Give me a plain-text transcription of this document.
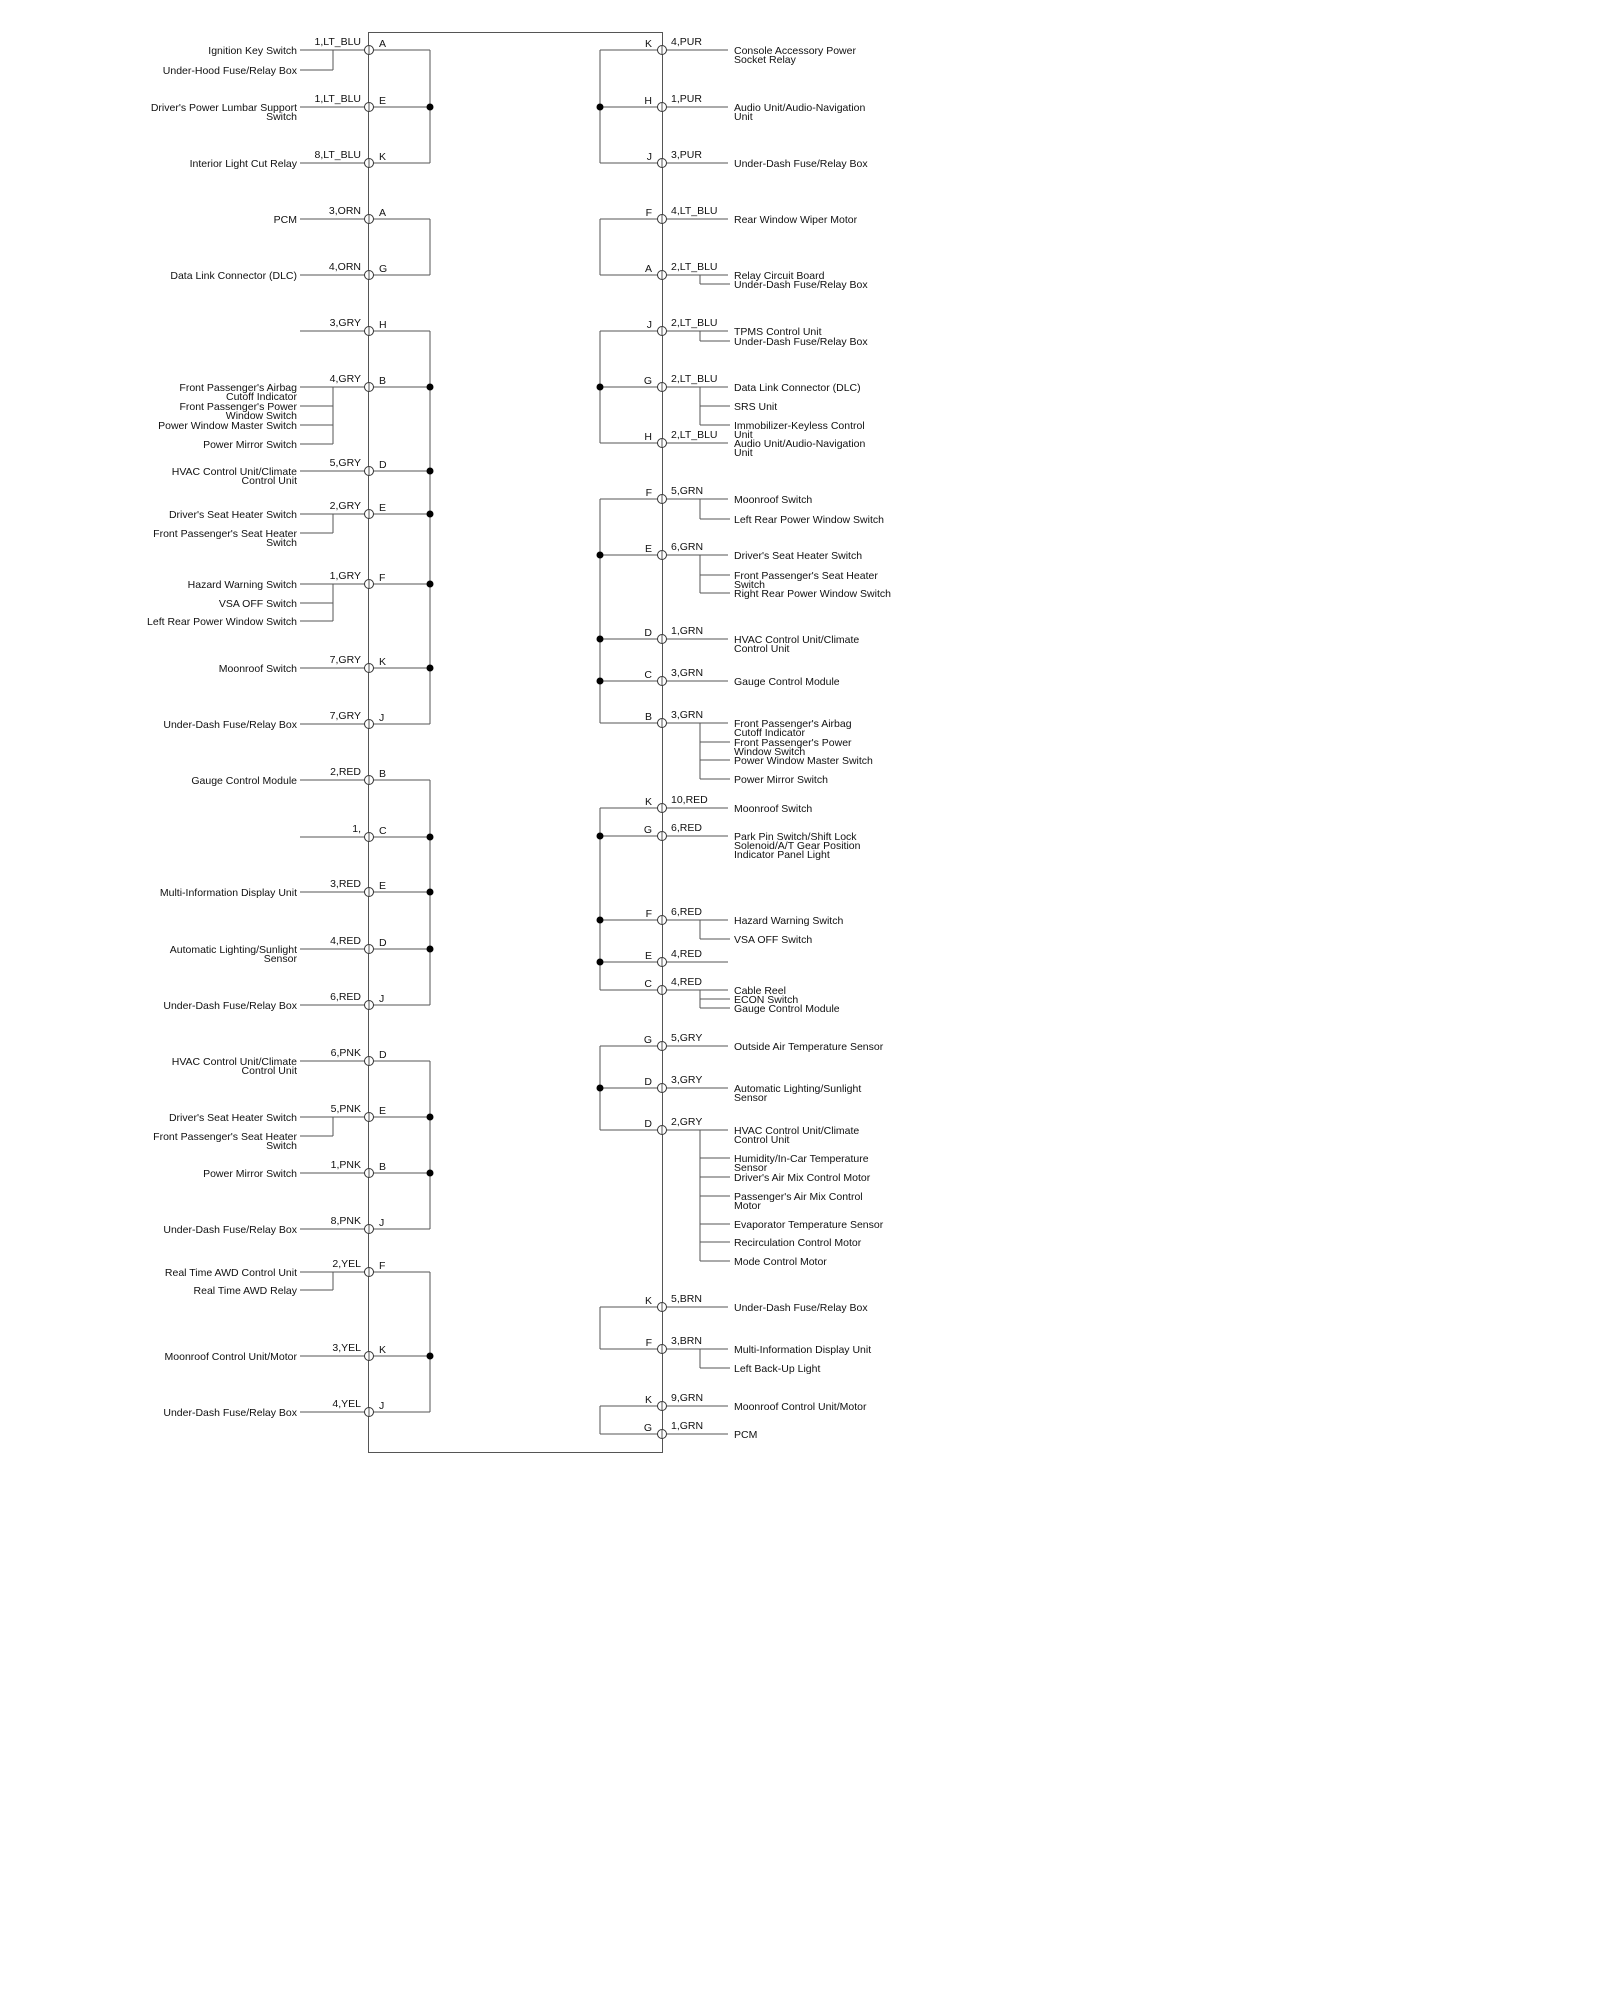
1,LT_BLU A
Ignition Key Switch
Under-Hood Fuse/Relay Box
1,LT_BLU E
Driver's Power Lumbar Support
Switch
8,LT_BLU K
Interior Light Cut Relay
3,ORN A
PCM
4,ORN G
Data Link Connector (DLC)
3,GRY H
4,GRY B
Front Passenger's Airbag
Cutoff Indicator
Front Passenger's Power
Window Switch
Power Window Master Switch
Power Mirror Switch
5,GRY D
HVAC Control Unit/Climate
Control Unit
2,GRY E
Driver's Seat Heater Switch
Front Passenger's Seat Heater
Switch
1,GRY F
Hazard Warning Switch
VSA OFF Switch
Left Rear Power Window Switch
7,GRY K
Moonroof Switch
7,GRY J
Under-Dash Fuse/Relay Box
2,RED B
Gauge Control Module
1, C
3,RED E
Multi-Information Display Unit
4,RED D
Automatic Lighting/Sunlight
Sensor
6,RED J
Under-Dash Fuse/Relay Box
6,PNK D
HVAC Control Unit/Climate
Control Unit
5,PNK E
Driver's Seat Heater Switch
Front Passenger's Seat Heater
Switch
1,PNK B
Power Mirror Switch
8,PNK J
Under-Dash Fuse/Relay Box
2,YEL F
Real Time AWD Control Unit
Real Time AWD Relay
3,YEL K
Moonroof Control Unit/Motor
4,YEL J
Under-Dash Fuse/Relay Box
4,PUR
K
Console Accessory Power
Socket Relay
1,PUR
H
Audio Unit/Audio-Navigation
Unit
3,PUR
J
Under-Dash Fuse/Relay Box
4,LT_BLU
F
Rear Window Wiper Motor
2,LT_BLU
A
Relay Circuit Board
Under-Dash Fuse/Relay Box
2,LT_BLU
J
TPMS Control Unit
Under-Dash Fuse/Relay Box
2,LT_BLU
G
Data Link Connector (DLC)
SRS Unit
Immobilizer-Keyless Control
Unit
2,LT_BLU
H
Audio Unit/Audio-Navigation
Unit
5,GRN
F
Moonroof Switch
Left Rear Power Window Switch
6,GRN
E
Driver's Seat Heater Switch
Front Passenger's Seat Heater
Switch
Right Rear Power Window Switch
1,GRN
D
HVAC Control Unit/Climate
Control Unit
3,GRN
C
Gauge Control Module
3,GRN
B
Front Passenger's Airbag
Cutoff Indicator
Front Passenger's Power
Window Switch
Power Window Master Switch
Power Mirror Switch
10,RED
K
Moonroof Switch
6,RED
G
Park Pin Switch/Shift Lock
Solenoid/A/T Gear Position
Indicator Panel Light
6,RED
F
Hazard Warning Switch
VSA OFF Switch
4,RED
E
4,RED
C
Cable Reel
ECON Switch
Gauge Control Module
5,GRY
G
Outside Air Temperature Sensor
3,GRY
D
Automatic Lighting/Sunlight
Sensor
2,GRY
D
HVAC Control Unit/Climate
Control Unit
Humidity/In-Car Temperature
Sensor
Driver's Air Mix Control Motor
Passenger's Air Mix Control
Motor
Evaporator Temperature Sensor
Recirculation Control Motor
Mode Control Motor
5,BRN
K
Under-Dash Fuse/Relay Box
3,BRN
F
Multi-Information Display Unit
Left Back-Up Light
9,GRN
K
Moonroof Control Unit/Motor
1,GRN
G
PCM
